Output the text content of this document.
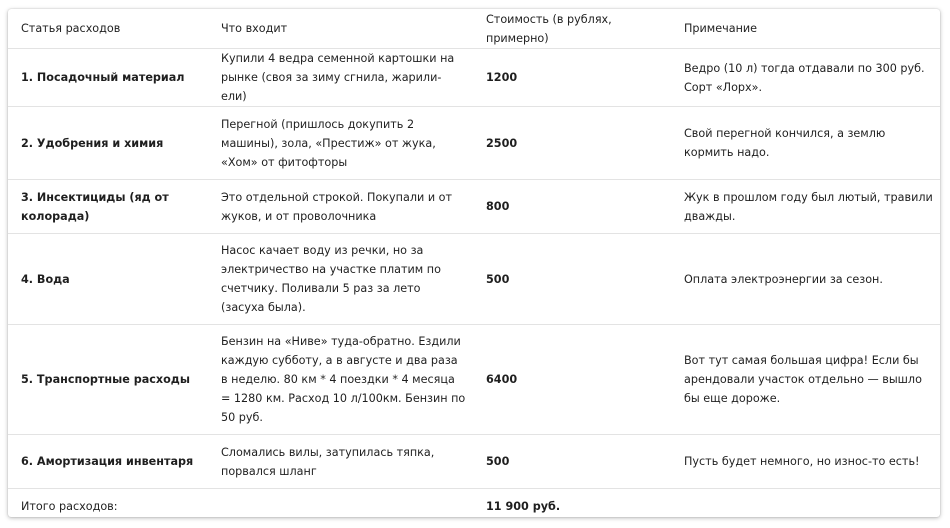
Статья расходов	Что входит	Стоимость (в рублях, примерно)	Примечание
1. Посадочный материал	Купили 4 ведра семенной картошки на рынке (своя за зиму сгнила, жарили-ели)	1200	Ведро (10 л) тогда отдавали по 300 руб. Сорт «Лорх».
2. Удобрения и химия	Перегной (пришлось докупить 2 машины), зола, «Престиж» от жука, «Хом» от фитофторы	2500	Свой перегной кончился, а землю кормить надо.
3. Инсектициды (яд от колорада)	Это отдельной строкой. Покупали и от жуков, и от проволочника	800	Жук в прошлом году был лютый, травили дважды.
4. Вода	Насос качает воду из речки, но за электричество на участке платим по счетчику. Поливали 5 раз за лето (засуха была).	500	Оплата электроэнергии за сезон.
5. Транспортные расходы	Бензин на «Ниве» туда-обратно. Ездили каждую субботу, а в августе и два раза в неделю. 80 км * 4 поездки * 4 месяца = 1280 км. Расход 10 л/100км. Бензин по 50 руб.	6400	Вот тут самая большая цифра! Если бы арендовали участок отдельно — вышло бы еще дороже.
6. Амортизация инвентаря	Сломались вилы, затупилась тяпка, порвался шланг	500	Пусть будет немного, но износ-то есть!
Итого расходов:		11 900 руб.	
